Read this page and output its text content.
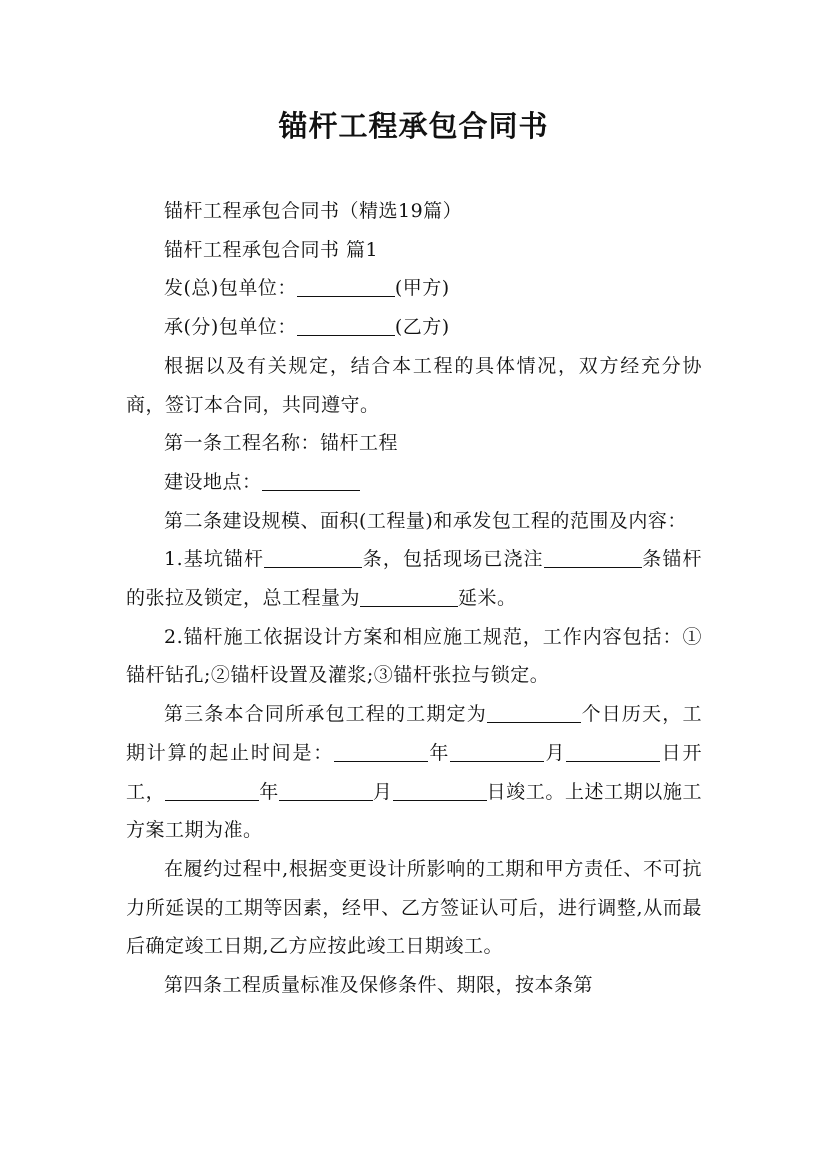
锚杆工程承包合同书

锚杆工程承包合同书（精选19篇）

锚杆工程承包合同书 篇1

发(总)包单位：	(甲方)

承(分)包单位：	(乙方)

根据以及有关规定，结合本工程的具体情况，双方经充分协商，签订本合同，共同遵守。

第一条工程名称：锚杆工程

建设地点：

第二条建设规模、面积(工程量)和承发包工程的范围及内容：

1.基坑锚杆	条，包括现场已浇注	条锚杆的张拉及锁定，总工程量为	延米。

2.锚杆施工依据设计方案和相应施工规范，工作内容包括：①锚杆钻孔;②锚杆设置及灌浆;③锚杆张拉与锁定。

第三条本合同所承包工程的工期定为	个日历天，工期计算的起止时间是：	年	月	日开工，	年	月	日竣工。上述工期以施工方案工期为准。

在履约过程中,根据变更设计所影响的工期和甲方责任、不可抗力所延误的工期等因素，经甲、乙方签证认可后，进行调整,从而最后确定竣工日期,乙方应按此竣工日期竣工。

第四条工程质量标准及保修条件、期限，按本条第
